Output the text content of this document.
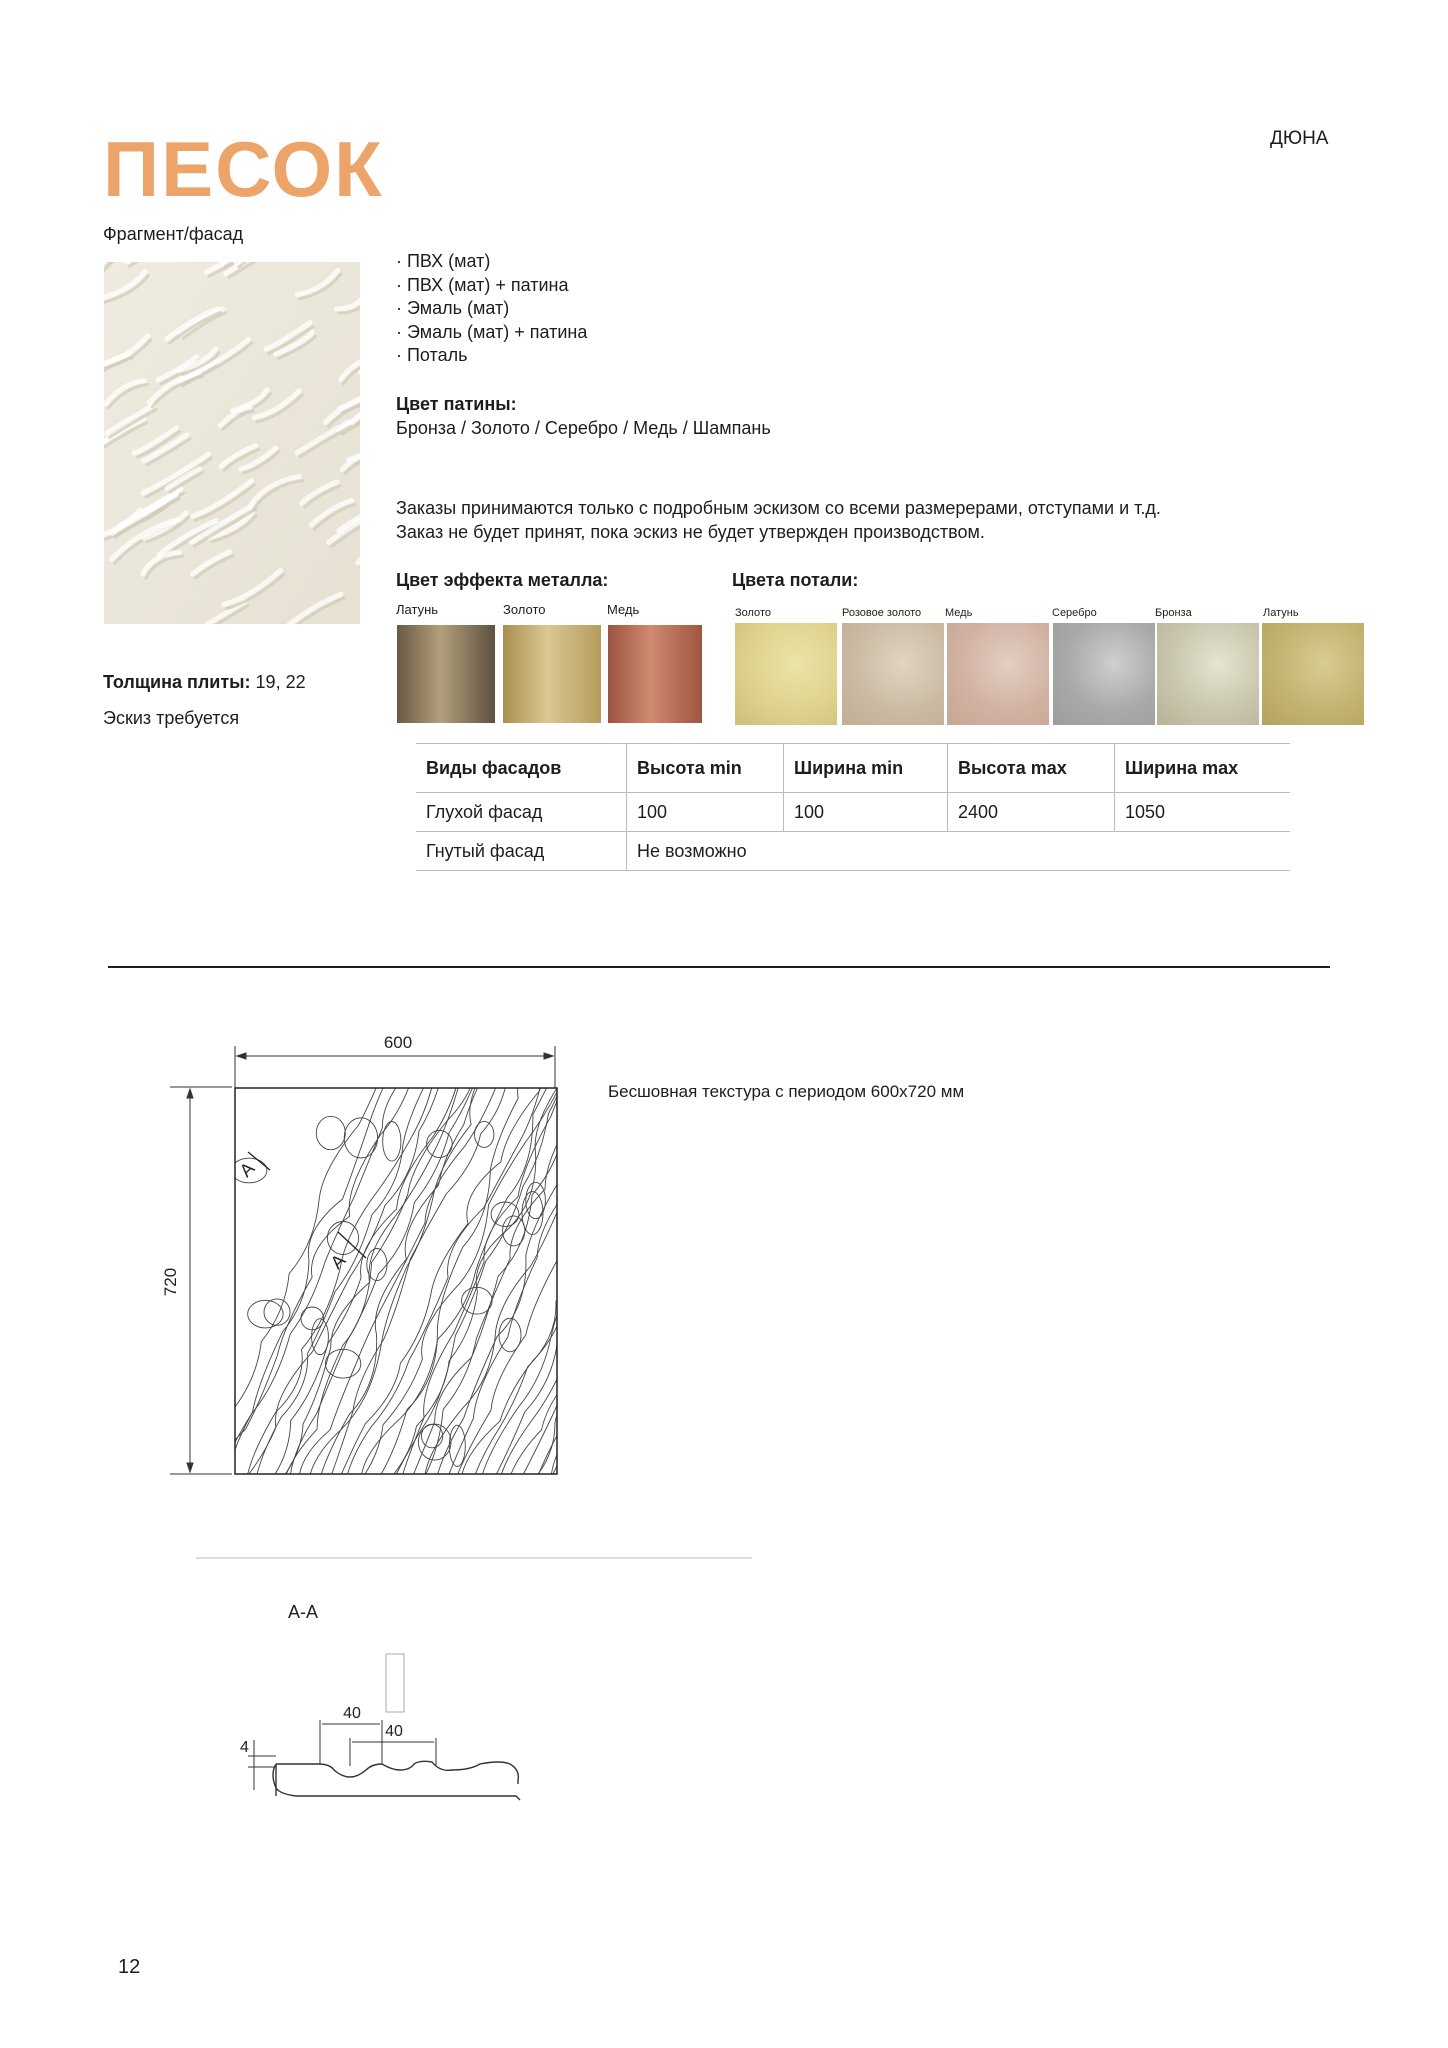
ПЕСОК	ДЮНА
Фрагмент/фасад
· ПВХ (мат)
· ПВХ (мат) + патина
· Эмаль (мат)
· Эмаль (мат) + патина
· Поталь
Цвет патины:
Бронза / Золото / Серебро / Медь / Шампань
Заказы принимаются только с подробным эскизом со всеми размерерами, отступами и т.д.
Заказ не будет принят, пока эскиз не будет утвержден производством.
Цвет эффекта металла:
Латунь	Золото	Медь
Цвета потали:
Золото	Розовое золото Медь	Серебро	Бронза	Латунь
Толщина плиты: 19, 22
Эскиз требуется
Виды фасадов	Высота min	Ширина min	Высота max	Ширина max
Глухой фасад	100	100	2400	1050
Гнутый фасад	Не возможно			
600
720
A
A
A-A
40
40
4
Бесшовная текстура с периодом 600х720 мм
12
